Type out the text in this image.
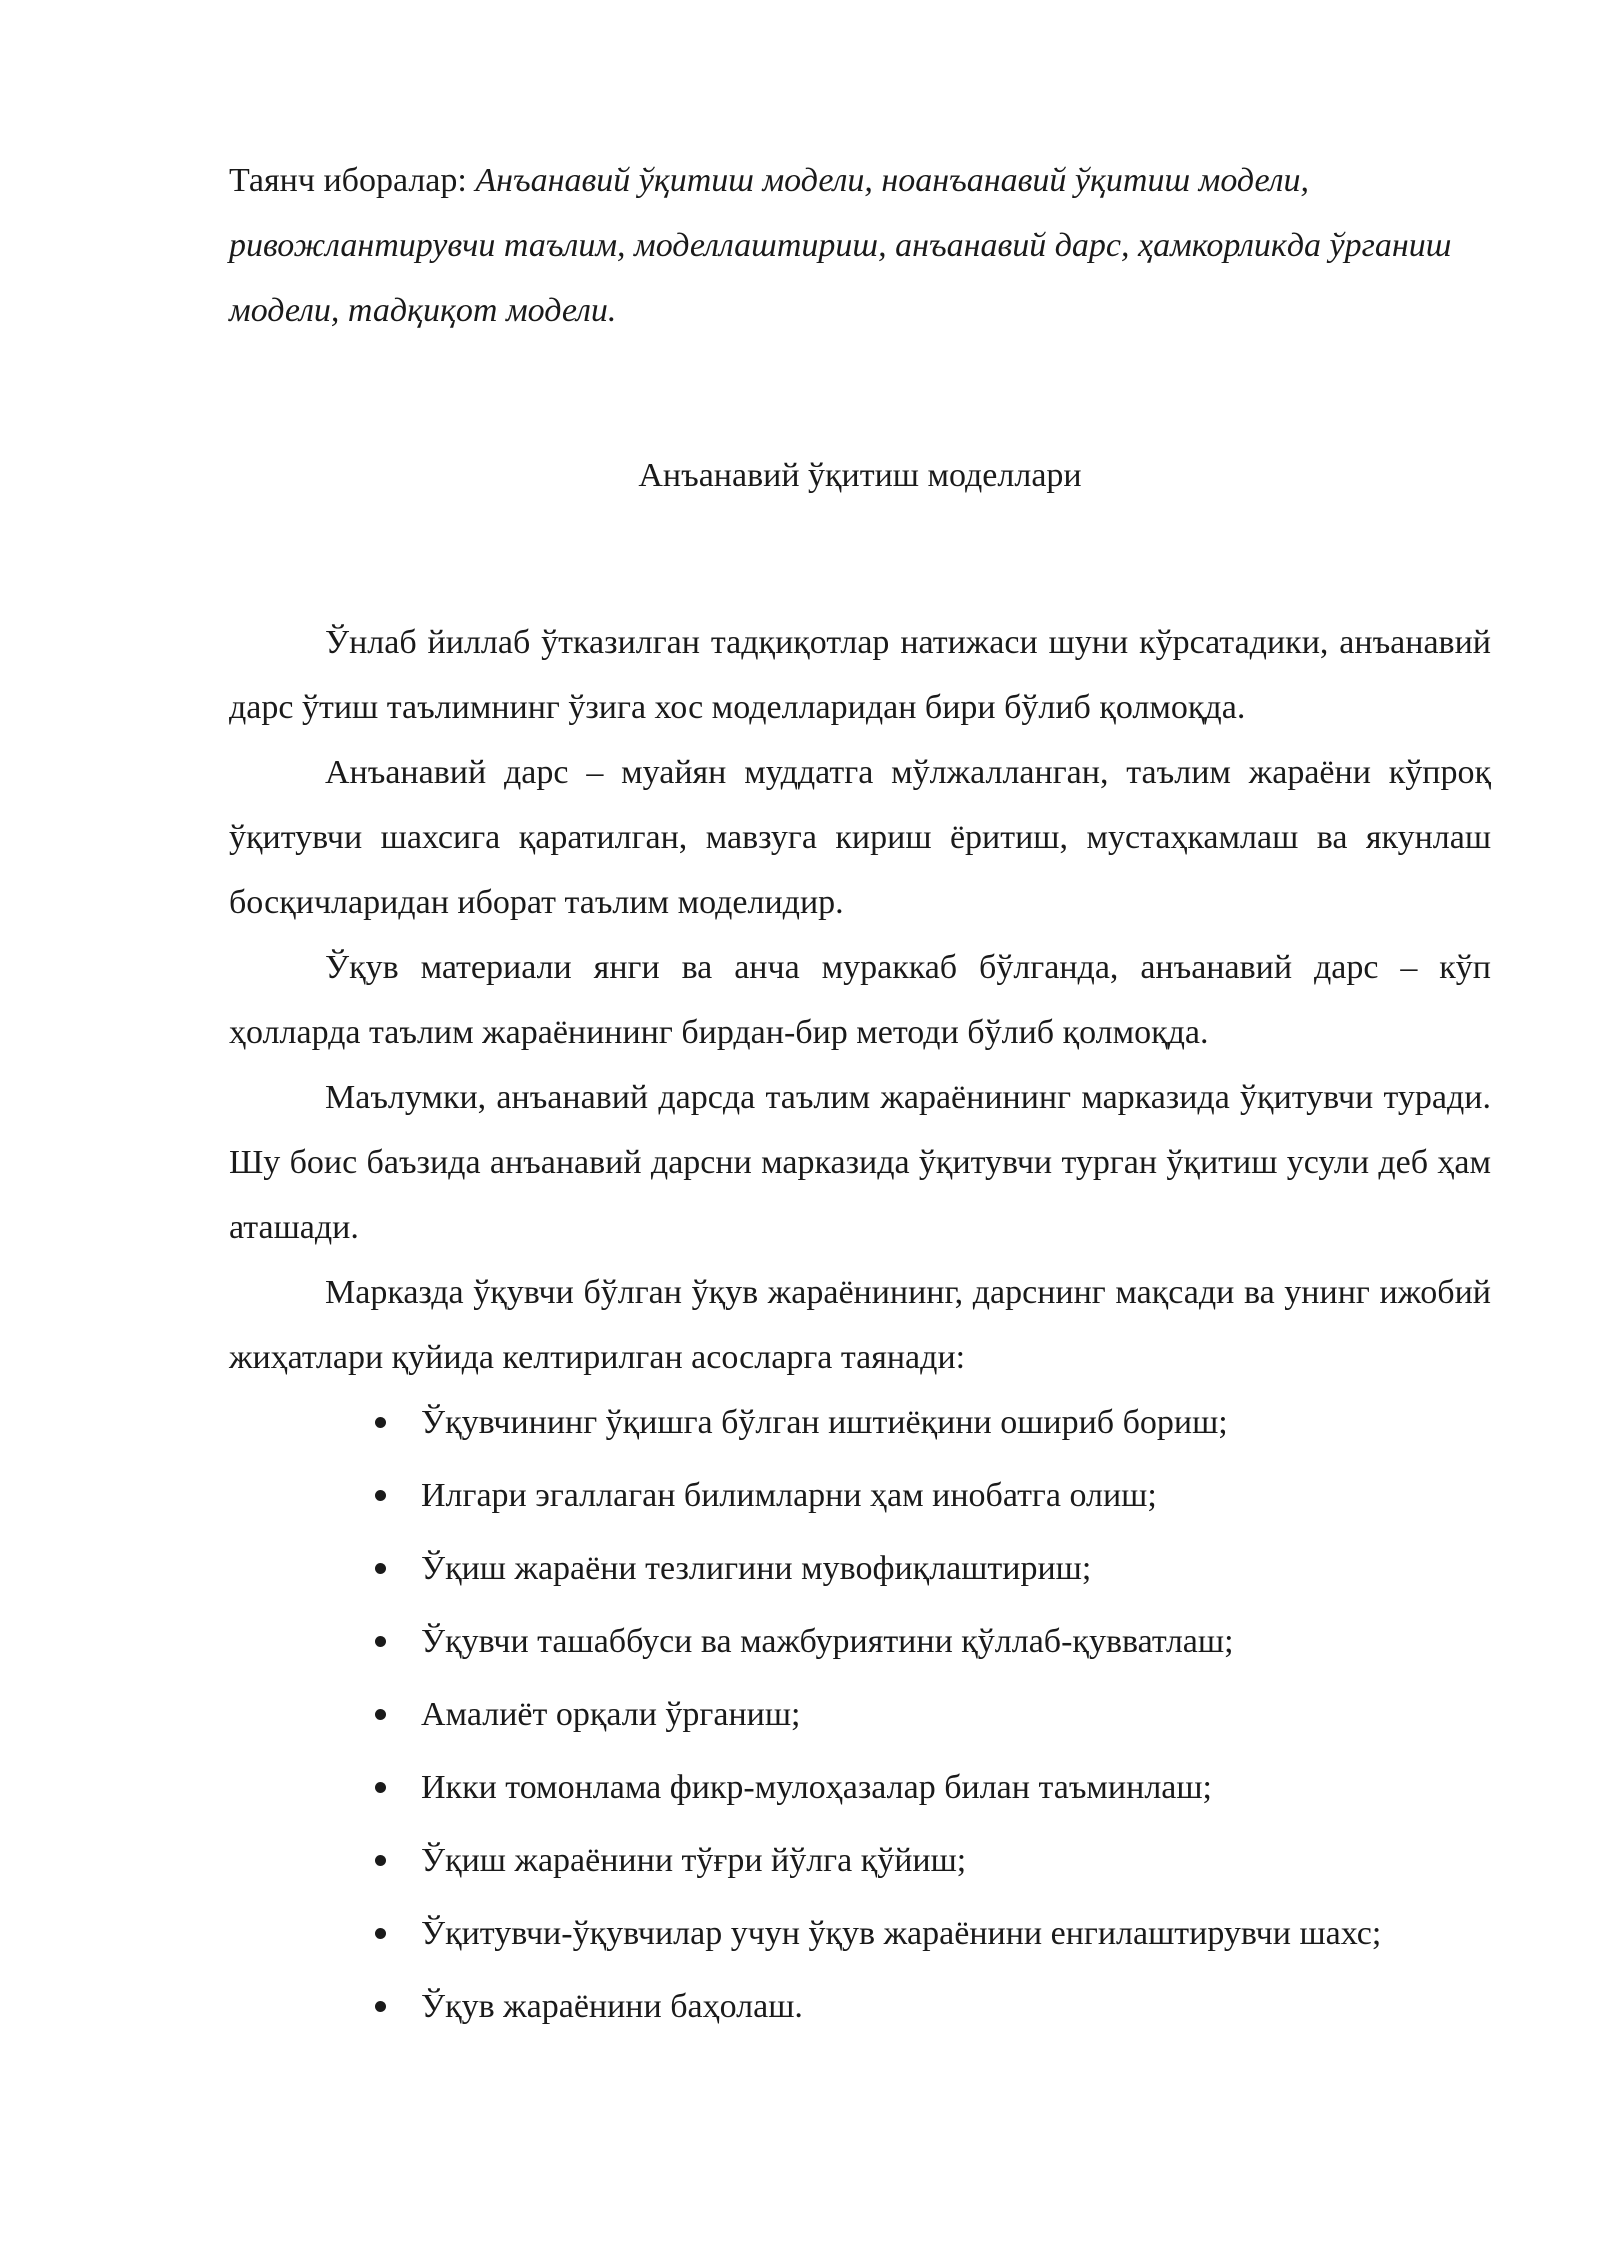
Таянч иборалар: Анъанавий ўқитиш модели, ноанъанавий ўқитиш модели, ривожлантирувчи таълим, моделлаштириш, анъанавий дарс, ҳамкорликда ўрганиш модели, тадқиқот модели.

Анъанавий ўқитиш моделлари

Ўнлаб йиллаб ўтказилган тадқиқотлар натижаси шуни кўрсатадики, анъанавий дарс ўтиш таълимнинг ўзига хос моделларидан бири бўлиб қолмоқда.

Анъанавий дарс – муайян муддатга мўлжалланган, таълим жараёни кўпроқ ўқитувчи шахсига қаратилган, мавзуга кириш ёритиш, мустаҳкамлаш ва якунлаш босқичларидан иборат таълим моделидир.

Ўқув материали янги ва анча мураккаб бўлганда, анъанавий дарс – кўп ҳолларда таълим жараёнининг бирдан-бир методи бўлиб қолмоқда.

Маълумки, анъанавий дарсда таълим жараёнининг марказида ўқитувчи туради. Шу боис баъзида анъанавий дарсни марказида ўқитувчи турган ўқитиш усули деб ҳам аташади.

Марказда ўқувчи бўлган ўқув жараёнининг, дарснинг мақсади ва унинг ижобий жиҳатлари қуйида келтирилган асосларга таянади:

Ўқувчининг ўқишга бўлган иштиёқини ошириб бориш;
Илгари эгаллаган билимларни ҳам инобатга олиш;
Ўқиш жараёни тезлигини мувофиқлаштириш;
Ўқувчи ташаббуси ва мажбуриятини қўллаб-қувватлаш;
Амалиёт орқали ўрганиш;
Икки томонлама фикр-мулоҳазалар билан таъминлаш;
Ўқиш жараёнини тўғри йўлга қўйиш;
Ўқитувчи-ўқувчилар учун ўқув жараёнини енгилаштирувчи шахс;
Ўқув жараёнини баҳолаш.
